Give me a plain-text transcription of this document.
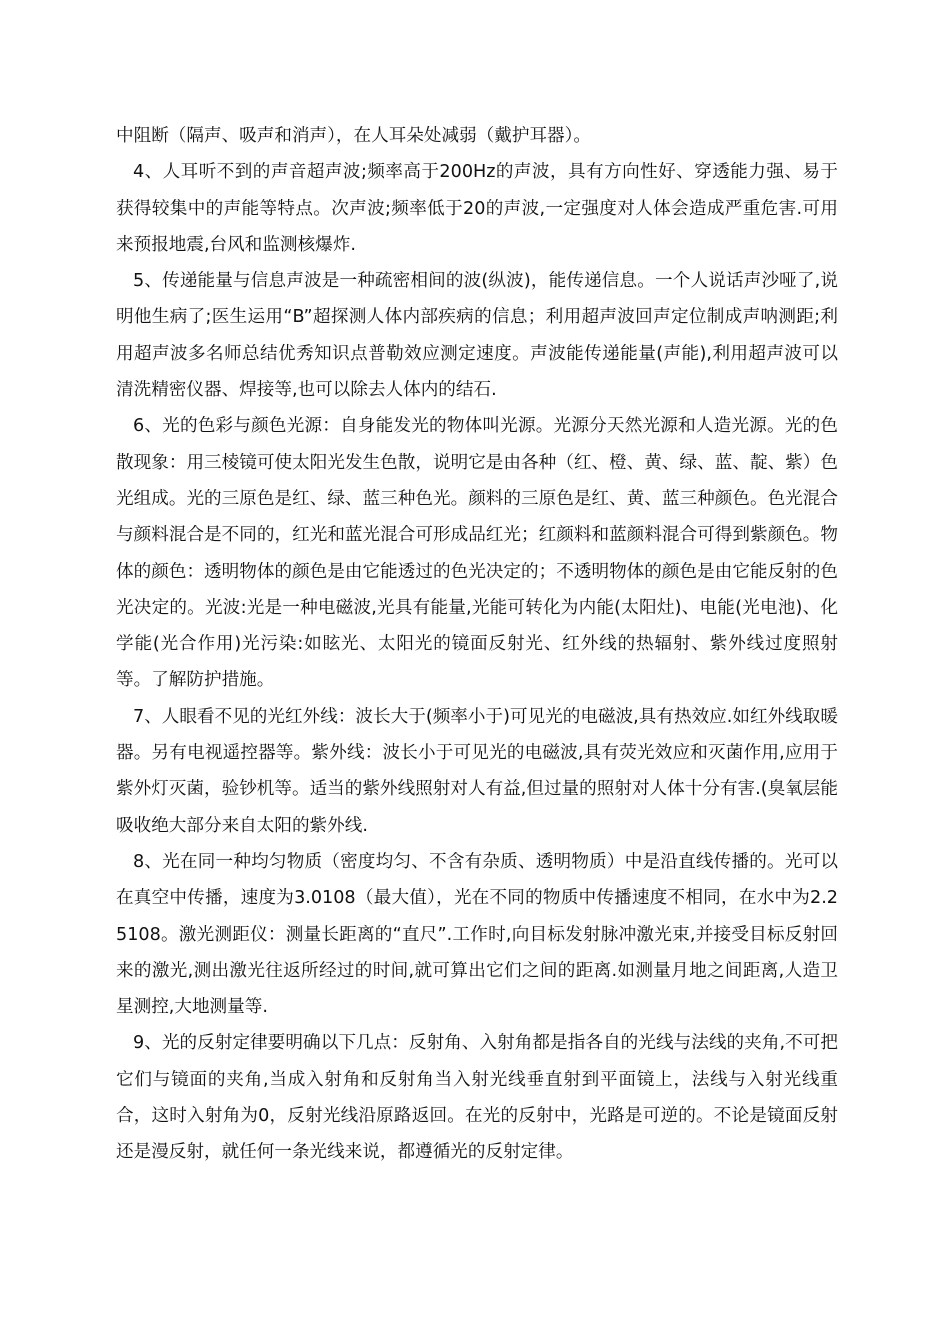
中阻断（隔声、吸声和消声），在人耳朵处减弱（戴护耳器）。

4、人耳听不到的声音超声波;频率高于200Hz的声波，具有方向性好、穿透能力强、易于获得较集中的声能等特点。次声波;频率低于20的声波,一定强度对人体会造成严重危害.可用来预报地震,台风和监测核爆炸.

5、传递能量与信息声波是一种疏密相间的波(纵波)，能传递信息。一个人说话声沙哑了,说明他生病了;医生运用“B”超探测人体内部疾病的信息；利用超声波回声定位制成声呐测距;利用超声波多名师总结优秀知识点普勒效应测定速度。声波能传递能量(声能),利用超声波可以清洗精密仪器、焊接等,也可以除去人体内的结石.

6、光的色彩与颜色光源：自身能发光的物体叫光源。光源分天然光源和人造光源。光的色散现象：用三棱镜可使太阳光发生色散，说明它是由各种（红、橙、黄、绿、蓝、靛、紫）色光组成。光的三原色是红、绿、蓝三种色光。颜料的三原色是红、黄、蓝三种颜色。色光混合与颜料混合是不同的，红光和蓝光混合可形成品红光；红颜料和蓝颜料混合可得到紫颜色。物体的颜色：透明物体的颜色是由它能透过的色光决定的；不透明物体的颜色是由它能反射的色光决定的。光波:光是一种电磁波,光具有能量,光能可转化为内能(太阳灶)、电能(光电池)、化学能(光合作用)光污染:如眩光、太阳光的镜面反射光、红外线的热辐射、紫外线过度照射等。了解防护措施。

7、人眼看不见的光红外线：波长大于(频率小于)可见光的电磁波,具有热效应.如红外线取暖器。另有电视遥控器等。紫外线：波长小于可见光的电磁波,具有荧光效应和灭菌作用,应用于紫外灯灭菌，验钞机等。适当的紫外线照射对人有益,但过量的照射对人体十分有害.(臭氧层能吸收绝大部分来自太阳的紫外线.

8、光在同一种均匀物质（密度均匀、不含有杂质、透明物质）中是沿直线传播的。光可以在真空中传播，速度为3.0108（最大值），光在不同的物质中传播速度不相同，在水中为2.25108。激光测距仪：测量长距离的“直尺”.工作时,向目标发射脉冲激光束,并接受目标反射回来的激光,测出激光往返所经过的时间,就可算出它们之间的距离.如测量月地之间距离,人造卫星测控,大地测量等.

9、光的反射定律要明确以下几点：反射角、入射角都是指各自的光线与法线的夹角,不可把它们与镜面的夹角,当成入射角和反射角当入射光线垂直射到平面镜上，法线与入射光线重合，这时入射角为0，反射光线沿原路返回。在光的反射中，光路是可逆的。不论是镜面反射还是漫反射，就任何一条光线来说，都遵循光的反射定律。
